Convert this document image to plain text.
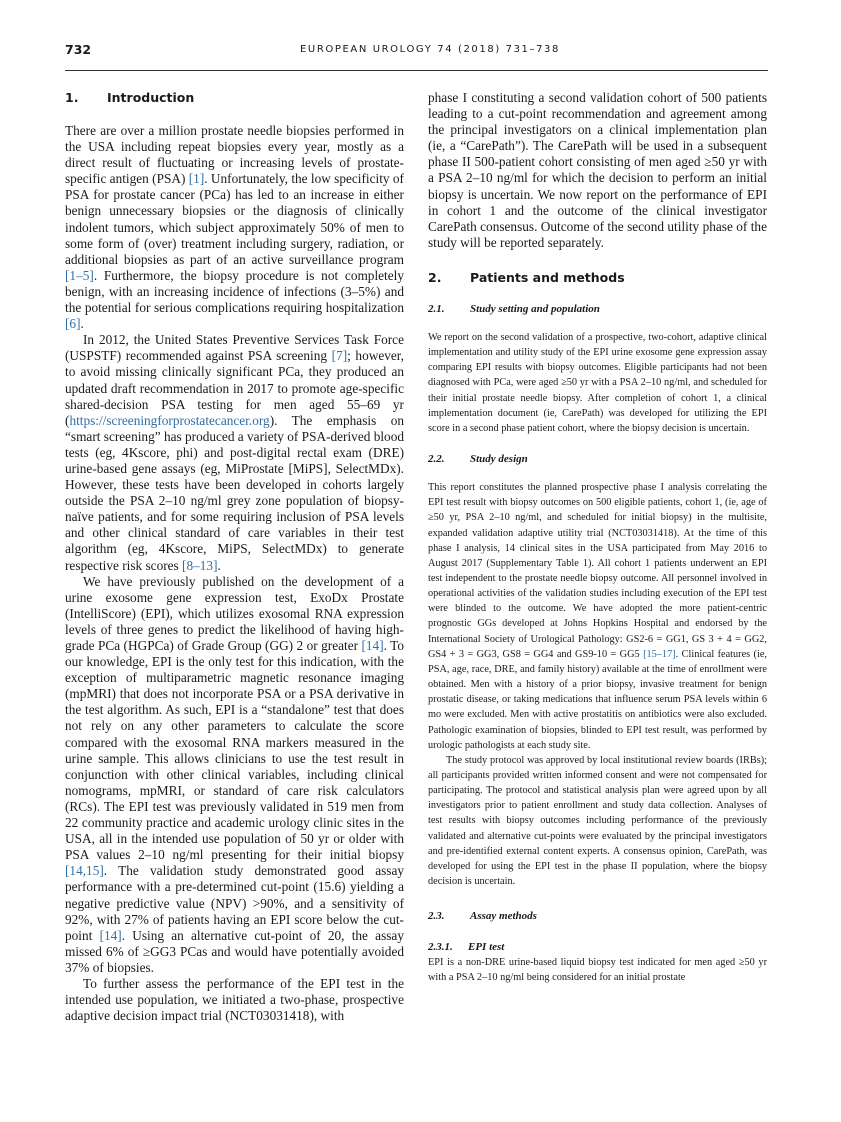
732	EUROPEAN UROLOGY 74 (2018) 731–738
1. Introduction

There are over a million prostate needle biopsies performed in the USA including repeat biopsies every year, mostly as a direct result of fluctuating or increasing levels of prostate-specific antigen (PSA) [1]. Unfortunately, the low specificity of PSA for prostate cancer (PCa) has led to an increase in either benign unnecessary biopsies or the diagnosis of clinically indolent tumors, which subject approximately 50% of men to some form of (over) treatment including surgery, radiation, or additional biopsies as part of an active surveillance program [1–5]. Furthermore, the biopsy procedure is not completely benign, with an increasing incidence of infections (3–5%) and the potential for serious complications requiring hospitalization [6].

In 2012, the United States Preventive Services Task Force (USPSTF) recommended against PSA screening [7]; however, to avoid missing clinically significant PCa, they produced an updated draft recommendation in 2017 to promote age-specific shared-decision PSA testing for men aged 55–69 yr (https://screeningforprostatecancer.org). The emphasis on “smart screening” has produced a variety of PSA-derived blood tests (eg, 4Kscore, phi) and post-digital rectal exam (DRE) urine-based gene assays (eg, MiProstate [MiPS], SelectMDx). However, these tests have been developed in cohorts largely outside the PSA 2–10 ng/ml grey zone population of biopsy-naïve patients, and for some requiring inclusion of PSA levels and other clinical standard of care variables in their test algorithm (eg, 4Kscore, MiPS, SelectMDx) to generate respective risk scores [8–13].

We have previously published on the development of a urine exosome gene expression test, ExoDx Prostate (IntelliScore) (EPI), which utilizes exosomal RNA expression levels of three genes to predict the likelihood of having high-grade PCa (HGPCa) of Grade Group (GG) 2 or greater [14]. To our knowledge, EPI is the only test for this indication, with the exception of multiparametric magnetic resonance imaging (mpMRI) that does not incorporate PSA or a PSA derivative in the test algorithm. As such, EPI is a “standalone” test that does not rely on any other parameters to calculate the score compared with the exosomal RNA markers measured in the urine sample. This allows clinicians to use the test result in conjunction with other clinical variables, including clinical nomograms, mpMRI, or standard of care risk calculators (RCs). The EPI test was previously validated in 519 men from 22 community practice and academic urology clinic sites in the USA, all in the intended use population of 50 yr or older with PSA values 2–10 ng/ml presenting for their initial biopsy [14,15]. The validation study demonstrated good assay performance with a pre-determined cut-point (15.6) yielding a negative predictive value (NPV) >90%, and a sensitivity of 92%, with 27% of patients having an EPI score below the cut-point [14]. Using an alternative cut-point of 20, the assay missed 6% of ≥GG3 PCas and would have potentially avoided 37% of biopsies.

To further assess the performance of the EPI test in the intended use population, we initiated a two-phase, prospective adaptive decision impact trial (NCT03031418), with

phase I constituting a second validation cohort of 500 patients leading to a cut-point recommendation and agreement among the principal investigators on a clinical implementation plan (ie, a “CarePath”). The CarePath will be used in a subsequent phase II 500-patient cohort consisting of men aged ≥50 yr with a PSA 2–10 ng/ml for which the decision to perform an initial biopsy is uncertain. We now report on the performance of EPI in cohort 1 and the outcome of the clinical investigator CarePath consensus. Outcome of the second utility phase of the study will be reported separately.

2. Patients and methods
2.1. Study setting and population

We report on the second validation of a prospective, two-cohort, adaptive clinical implementation and utility study of the EPI urine exosome gene expression assay comparing EPI results with biopsy outcomes. Eligible participants had not been diagnosed with PCa, were aged ≥50 yr with a PSA 2–10 ng/ml, and scheduled for their initial prostate needle biopsy. After completion of cohort 1, a clinical implementation document (ie, CarePath) was developed for utilizing the EPI score in a second phase patient cohort, where the biopsy decision is uncertain.

2.2. Study design

This report constitutes the planned prospective phase I analysis correlating the EPI test result with biopsy outcomes on 500 eligible patients, cohort 1, (ie, age of ≥50 yr, PSA 2–10 ng/ml, and scheduled for initial biopsy) in the multisite, expanded validation adaptive utility trial (NCT03031418). At the time of this phase I analysis, 14 clinical sites in the USA participated from May 2016 to August 2017 (Supplementary Table 1). All cohort 1 patients underwent an EPI test independent to the prostate needle biopsy outcome. All personnel involved in operational activities of the validation studies including execution of the EPI test were blinded to the outcome. We have adopted the more patient-centric prognostic GGs developed at Johns Hopkins Hospital and endorsed by the International Society of Urological Pathology: GS2-6 = GG1, GS 3 + 4 = GG2, GS4 + 3 = GG3, GS8 = GG4 and GS9-10 = GG5 [15–17]. Clinical features (ie, PSA, age, race, DRE, and family history) available at the time of enrollment were obtained. Men with a history of a prior biopsy, invasive treatment for benign prostatic disease, or taking medications that influence serum PSA levels within 6 mo were excluded. Men with active prostatitis on antibiotics were also excluded. Pathologic examination of biopsies, blinded to EPI test result, was performed by urologic pathologists at each study site.

The study protocol was approved by local institutional review boards (IRBs); all participants provided written informed consent and were not compensated for participating. The protocol and statistical analysis plan were agreed upon by all investigators prior to patient enrollment and study data collection. Analyses of test results with biopsy outcomes including performance of the previously validated and alternative cut-points were evaluated by the principal investigators and pre-identified external content experts. A consensus opinion, CarePath, was developed for using the EPI test in the phase II population, where the biopsy decision is uncertain.

2.3. Assay methods
2.3.1. EPI test

EPI is a non-DRE urine-based liquid biopsy test indicated for men aged ≥50 yr with a PSA 2–10 ng/ml being considered for an initial prostate
